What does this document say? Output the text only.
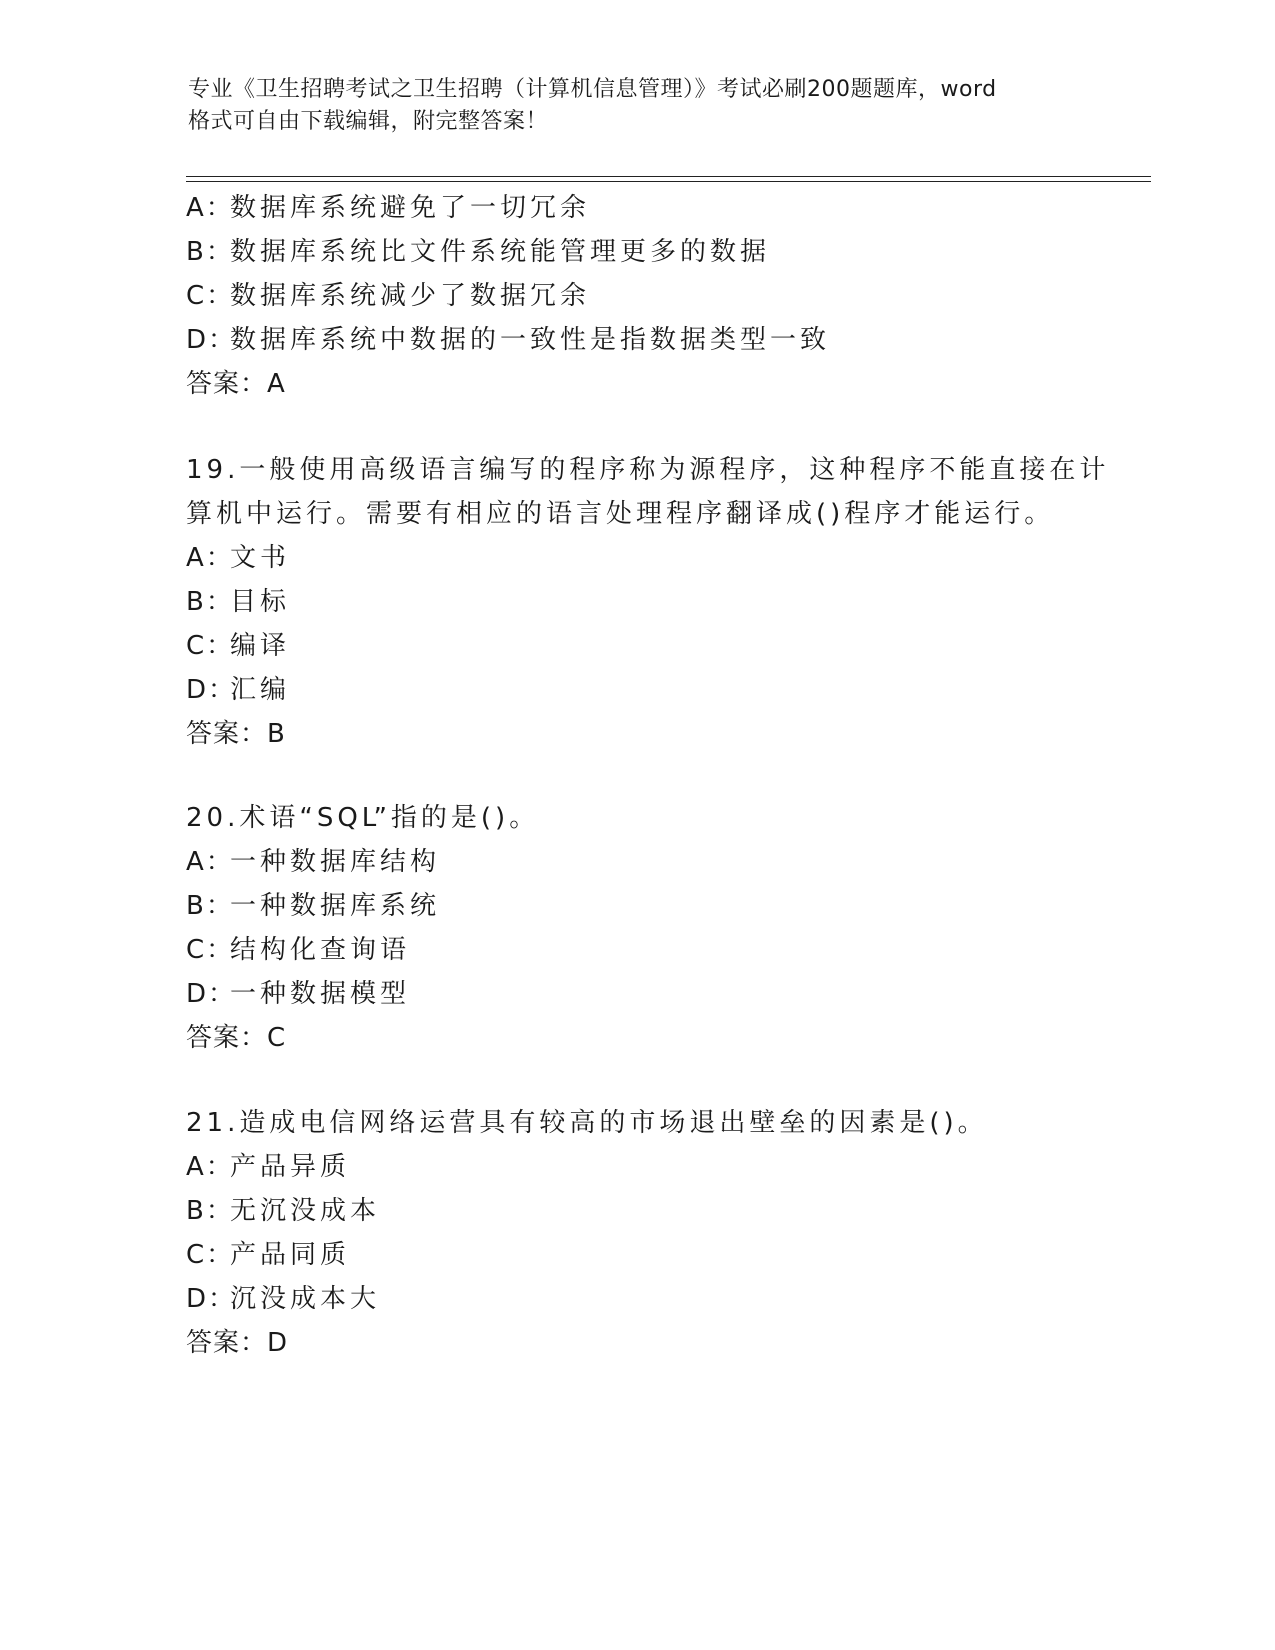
专业《卫生招聘考试之卫生招聘（计算机信息管理）》考试必刷200题题库，word
格式可自由下载编辑，附完整答案！
A：数据库系统避免了一切冗余
B：数据库系统比文件系统能管理更多的数据
C：数据库系统减少了数据冗余
D：数据库系统中数据的一致性是指数据类型一致
答案：A
19.一般使用高级语言编写的程序称为源程序，这种程序不能直接在计
算机中运行。需要有相应的语言处理程序翻译成()程序才能运行。
A：文书
B：目标
C：编译
D：汇编
答案：B
20.术语“SQL”指的是()。
A：一种数据库结构
B：一种数据库系统
C：结构化查询语
D：一种数据模型
答案：C
21.造成电信网络运营具有较高的市场退出壁垒的因素是()。
A：产品异质
B：无沉没成本
C：产品同质
D：沉没成本大
答案：D
